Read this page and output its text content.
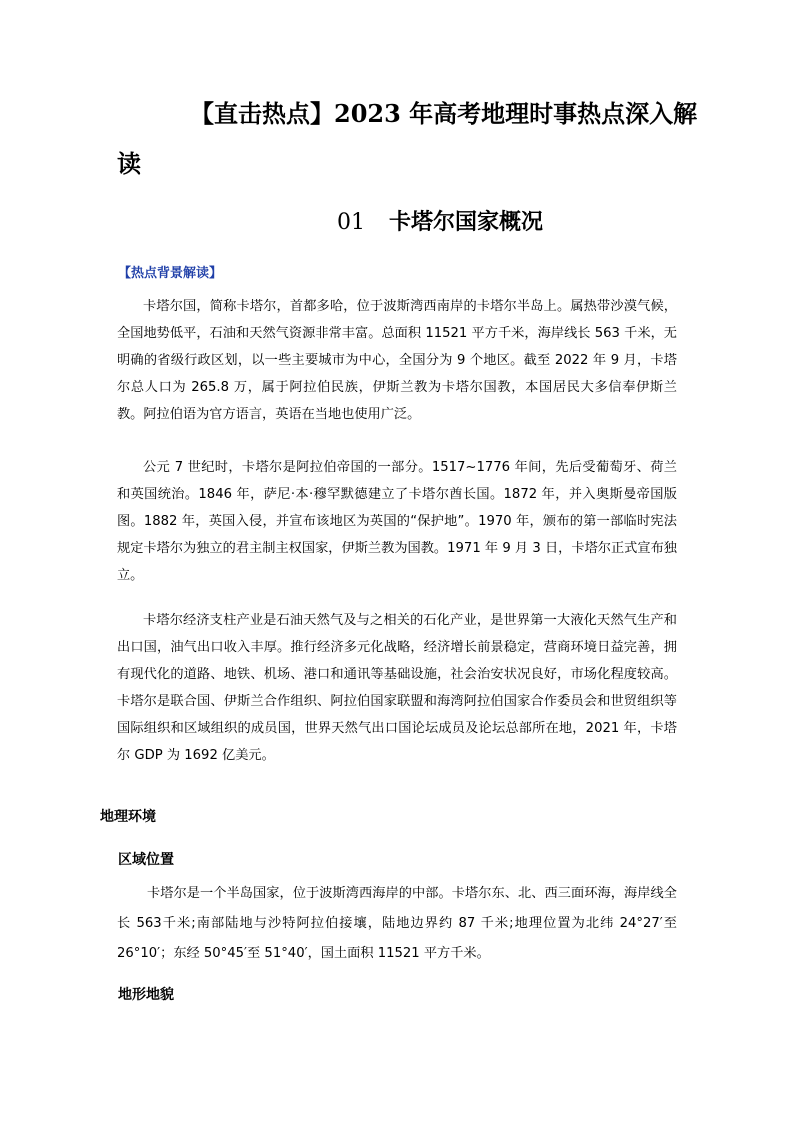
【直击热点】2023 年高考地理时事热点深入解
读
01 卡塔尔国家概况
【热点背景解读】

卡塔尔国，简称卡塔尔，首都多哈，位于波斯湾西南岸的卡塔尔半岛上。属热带沙漠气候，全国地势低平，石油和天然气资源非常丰富。总面积 11521 平方千米，海岸线长 563 千米，无明确的省级行政区划，以一些主要城市为中心，全国分为 9 个地区。截至 2022 年 9 月，卡塔尔总人口为 265.8 万，属于阿拉伯民族，伊斯兰教为卡塔尔国教，本国居民大多信奉伊斯兰教。阿拉伯语为官方语言，英语在当地也使用广泛。

公元 7 世纪时，卡塔尔是阿拉伯帝国的一部分。1517~1776 年间，先后受葡萄牙、荷兰和英国统治。1846 年，萨尼·本·穆罕默德建立了卡塔尔酋长国。1872 年，并入奥斯曼帝国版图。1882 年，英国入侵，并宣布该地区为英国的“保护地”。1970 年，颁布的第一部临时宪法规定卡塔尔为独立的君主制主权国家，伊斯兰教为国教。1971 年 9 月 3 日，卡塔尔正式宣布独立。

卡塔尔经济支柱产业是石油天然气及与之相关的石化产业，是世界第一大液化天然气生产和出口国，油气出口收入丰厚。推行经济多元化战略，经济增长前景稳定，营商环境日益完善，拥有现代化的道路、地铁、机场、港口和通讯等基础设施，社会治安状况良好，市场化程度较高。卡塔尔是联合国、伊斯兰合作组织、阿拉伯国家联盟和海湾阿拉伯国家合作委员会和世贸组织等国际组织和区域组织的成员国，世界天然气出口国论坛成员及论坛总部所在地，2021 年，卡塔尔 GDP 为 1692 亿美元。

地理环境
区域位置

卡塔尔是一个半岛国家，位于波斯湾西海岸的中部。卡塔尔东、北、西三面环海，海岸线全长 563千米;南部陆地与沙特阿拉伯接壤，陆地边界约 87 千米;地理位置为北纬 24°27′至 26°10′；东经 50°45′至 51°40′，国土面积 11521 平方千米。

地形地貌
